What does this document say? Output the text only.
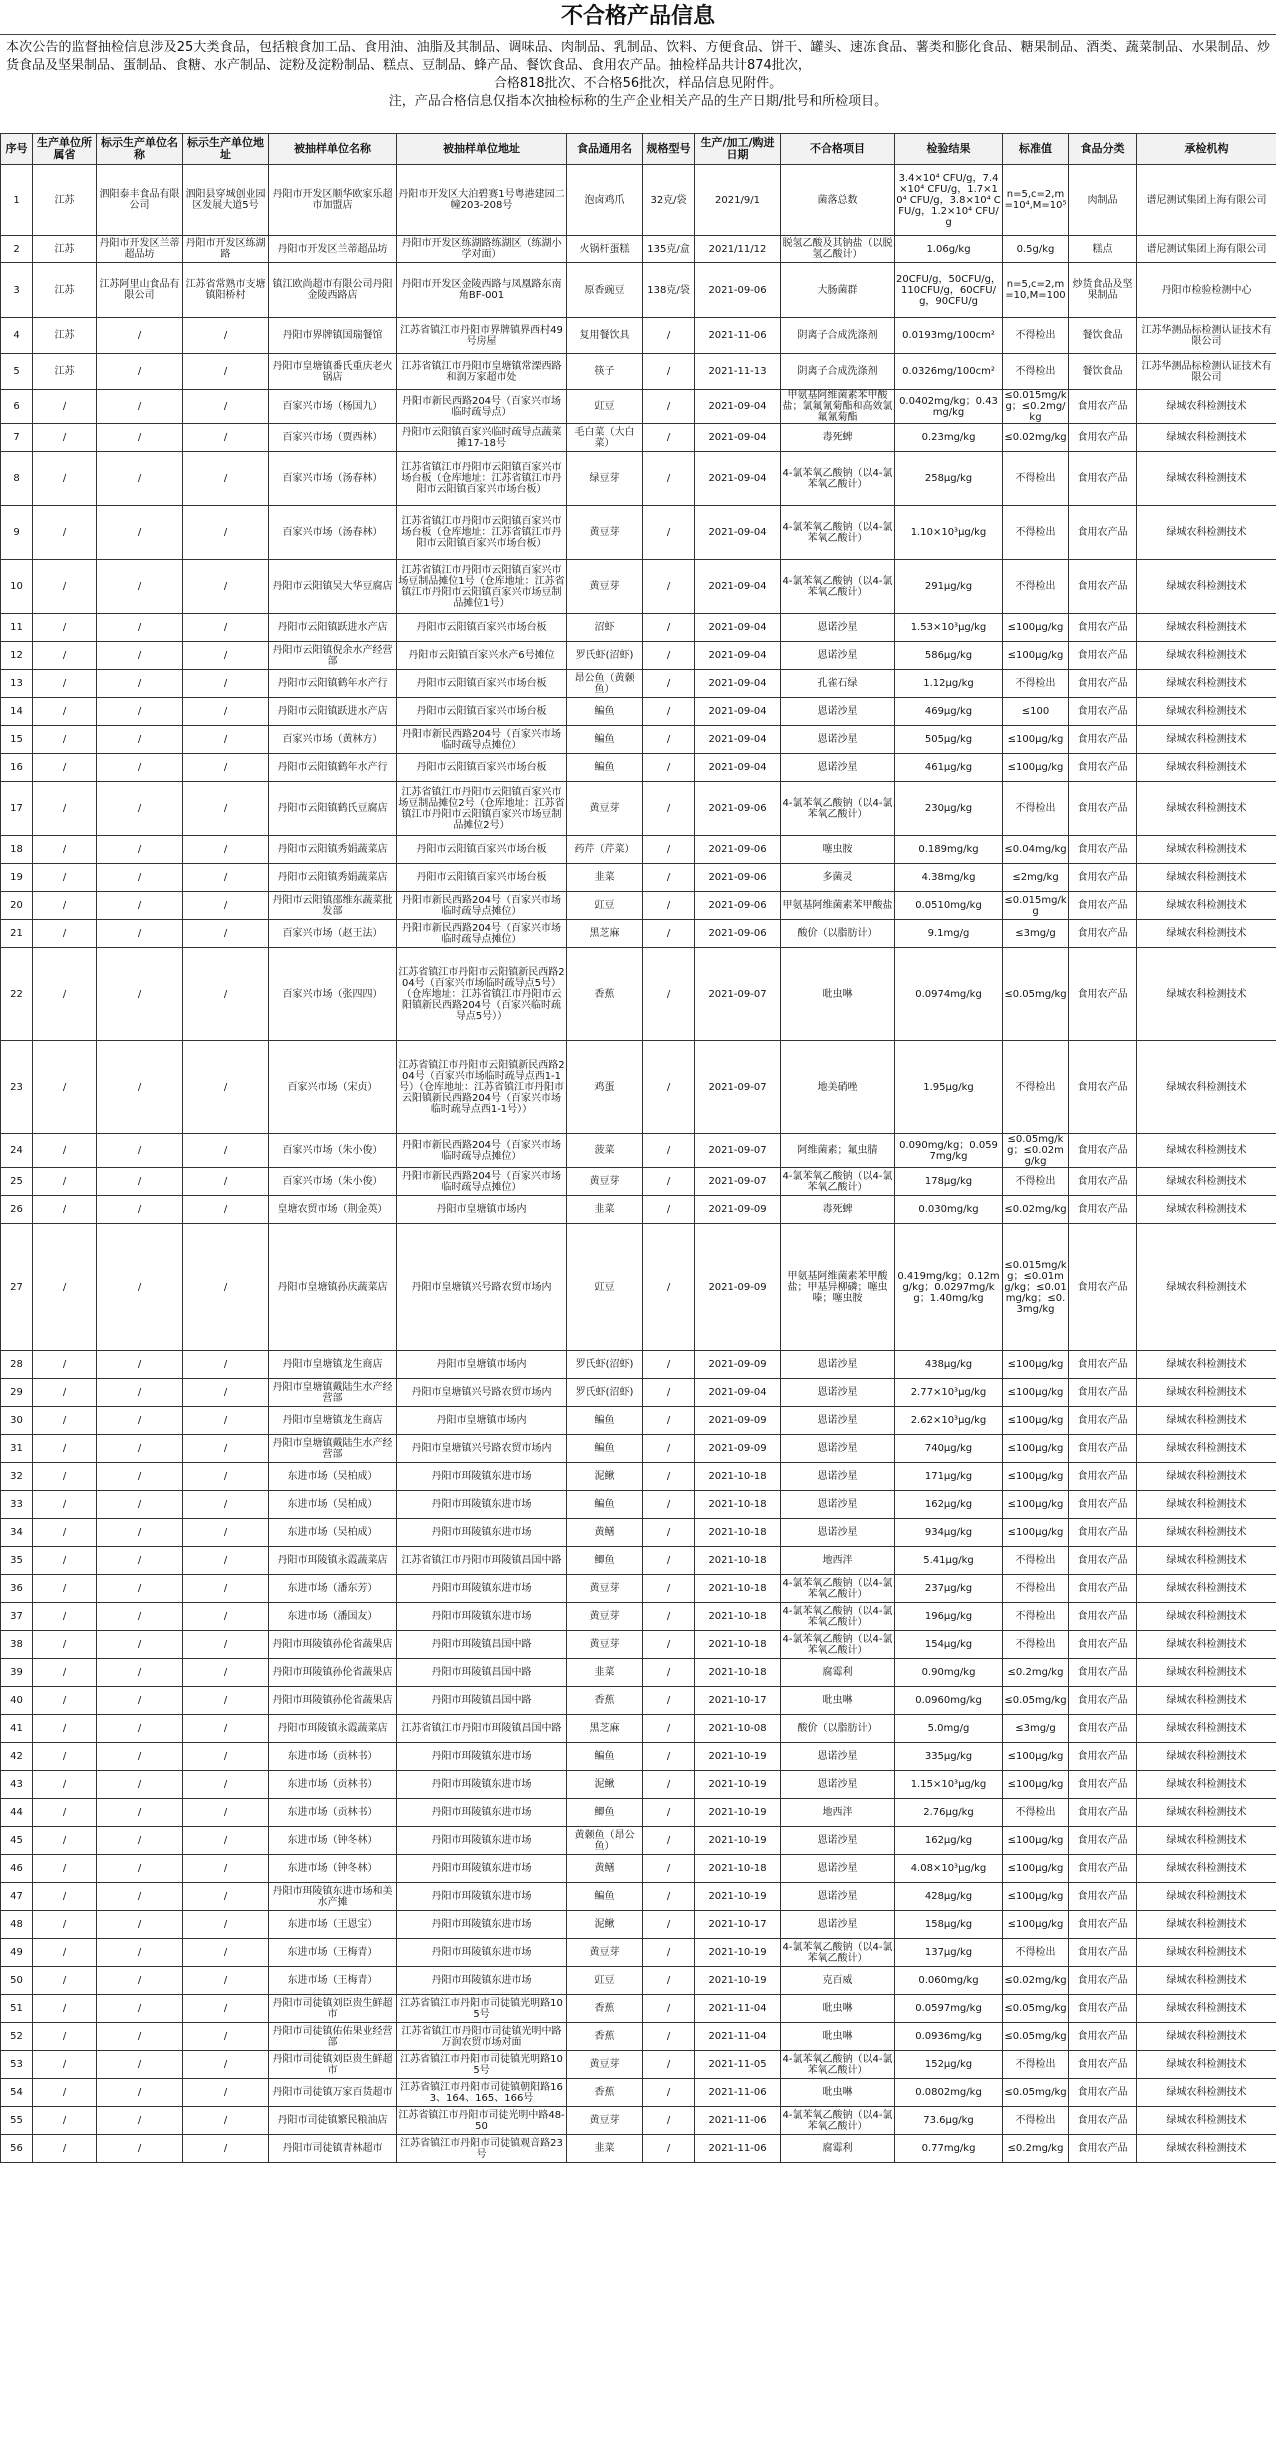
不合格产品信息

本次公告的监督抽检信息涉及25大类食品，包括粮食加工品、食用油、油脂及其制品、调味品、肉制品、乳制品、饮料、方便食品、饼干、罐头、速冻食品、薯类和膨化食品、糖果制品、酒类、蔬菜制品、水果制品、炒货食品及坚果制品、蛋制品、食糖、水产制品、淀粉及淀粉制品、糕点、豆制品、蜂产品、餐饮食品、食用农产品。抽检样品共计874批次，

合格818批次、不合格56批次，样品信息见附件。

注，产品合格信息仅指本次抽检标称的生产企业相关产品的生产日期/批号和所检项目。

序号	生产单位所属省	标示生产单位名称	标示生产单位地址	被抽样单位名称	被抽样单位地址	食品通用名	规格型号	生产/加工/购进日期	不合格项目	检验结果	标准值	食品分类	承检机构
1	江苏	泗阳泰丰食品有限公司	泗阳县穿城创业园区发展大道5号	丹阳市开发区顺华欧家乐超市加盟店	丹阳市开发区大泊碧赛1号粤港建园二幢203-208号	泡卤鸡爪	32克/袋	2021/9/1	菌落总数	3.4×10⁴ CFU/g，7.4×10⁴ CFU/g，1.7×10⁴ CFU/g，3.8×10⁴ CFU/g，1.2×10⁴ CFU/g	n=5,c=2,m=10⁴,M=10⁵	肉制品	谱尼测试集团上海有限公司
2	江苏	丹阳市开发区兰蒂超品坊	丹阳市开发区练湖路	丹阳市开发区兰蒂超品坊	丹阳市开发区练湖路练湖区（练湖小学对面）	火锅杆蛋糕	135克/盒	2021/11/12	脱氢乙酸及其钠盐（以脱氢乙酸计）	1.06g/kg	0.5g/kg	糕点	谱尼测试集团上海有限公司
3	江苏	江苏阿里山食品有限公司	江苏省常熟市支塘镇阳桥村	镇江欧尚超市有限公司丹阳金陵西路店	丹阳市开发区金陵西路与凤凰路东南角BF-001	原香豌豆	138克/袋	2021-09-06	大肠菌群	20CFU/g，50CFU/g，110CFU/g，60CFU/g，90CFU/g	n=5,c=2,m=10,M=100	炒货食品及坚果制品	丹阳市检验检测中心
4	江苏	/	/	丹阳市界牌镇国瑞餐馆	江苏省镇江市丹阳市界牌镇界西村49号房屋	复用餐饮具	/	2021-11-06	阴离子合成洗涤剂	0.0193mg/100cm²	不得检出	餐饮食品	江苏华测品标检测认证技术有限公司
5	江苏	/	/	丹阳市皇塘镇番氏重庆老火锅店	江苏省镇江市丹阳市皇塘镇常溧西路和润万家超市处	筷子	/	2021-11-13	阴离子合成洗涤剂	0.0326mg/100cm²	不得检出	餐饮食品	江苏华测品标检测认证技术有限公司
6	/	/	/	百家兴市场（杨国九）	丹阳市新民西路204号（百家兴市场临时疏导点）	豇豆	/	2021-09-04	甲氨基阿维菌素苯甲酸盐；氯氟氰菊酯和高效氯氟氰菊酯	0.0402mg/kg；0.43mg/kg	≤0.015mg/kg；≤0.2mg/kg	食用农产品	绿城农科检测技术
7	/	/	/	百家兴市场（贾西林）	丹阳市云阳镇百家兴临时疏导点蔬菜摊17-18号	毛白菜（大白菜）	/	2021-09-04	毒死蜱	0.23mg/kg	≤0.02mg/kg	食用农产品	绿城农科检测技术
8	/	/	/	百家兴市场（汤春林）	江苏省镇江市丹阳市云阳镇百家兴市场台板（仓库地址：江苏省镇江市丹阳市云阳镇百家兴市场台板）	绿豆芽	/	2021-09-04	4-氯苯氧乙酸钠（以4-氯苯氧乙酸计）	258μg/kg	不得检出	食用农产品	绿城农科检测技术
9	/	/	/	百家兴市场（汤春林）	江苏省镇江市丹阳市云阳镇百家兴市场台板（仓库地址：江苏省镇江市丹阳市云阳镇百家兴市场台板）	黄豆芽	/	2021-09-04	4-氯苯氧乙酸钠（以4-氯苯氧乙酸计）	1.10×10³μg/kg	不得检出	食用农产品	绿城农科检测技术
10	/	/	/	丹阳市云阳镇吴大华豆腐店	江苏省镇江市丹阳市云阳镇百家兴市场豆制品摊位1号（仓库地址：江苏省镇江市丹阳市云阳镇百家兴市场豆制品摊位1号）	黄豆芽	/	2021-09-04	4-氯苯氧乙酸钠（以4-氯苯氧乙酸计）	291μg/kg	不得检出	食用农产品	绿城农科检测技术
11	/	/	/	丹阳市云阳镇跃进水产店	丹阳市云阳镇百家兴市场台板	沼虾	/	2021-09-04	恩诺沙星	1.53×10³μg/kg	≤100μg/kg	食用农产品	绿城农科检测技术
12	/	/	/	丹阳市云阳镇倪余水产经营部	丹阳市云阳镇百家兴水产6号摊位	罗氏虾(沼虾)	/	2021-09-04	恩诺沙星	586μg/kg	≤100μg/kg	食用农产品	绿城农科检测技术
13	/	/	/	丹阳市云阳镇鹤年水产行	丹阳市云阳镇百家兴市场台板	昂公鱼（黄颡鱼）	/	2021-09-04	孔雀石绿	1.12μg/kg	不得检出	食用农产品	绿城农科检测技术
14	/	/	/	丹阳市云阳镇跃进水产店	丹阳市云阳镇百家兴市场台板	鳊鱼	/	2021-09-04	恩诺沙星	469μg/kg	≤100	食用农产品	绿城农科检测技术
15	/	/	/	百家兴市场（黄林方）	丹阳市新民西路204号（百家兴市场临时疏导点摊位）	鳊鱼	/	2021-09-04	恩诺沙星	505μg/kg	≤100μg/kg	食用农产品	绿城农科检测技术
16	/	/	/	丹阳市云阳镇鹤年水产行	丹阳市云阳镇百家兴市场台板	鳊鱼	/	2021-09-04	恩诺沙星	461μg/kg	≤100μg/kg	食用农产品	绿城农科检测技术
17	/	/	/	丹阳市云阳镇鹤氏豆腐店	江苏省镇江市丹阳市云阳镇百家兴市场豆制品摊位2号（仓库地址：江苏省镇江市丹阳市云阳镇百家兴市场豆制品摊位2号）	黄豆芽	/	2021-09-06	4-氯苯氧乙酸钠（以4-氯苯氧乙酸计）	230μg/kg	不得检出	食用农产品	绿城农科检测技术
18	/	/	/	丹阳市云阳镇秀娟蔬菜店	丹阳市云阳镇百家兴市场台板	药芹（芹菜）	/	2021-09-06	噻虫胺	0.189mg/kg	≤0.04mg/kg	食用农产品	绿城农科检测技术
19	/	/	/	丹阳市云阳镇秀娟蔬菜店	丹阳市云阳镇百家兴市场台板	韭菜	/	2021-09-06	多菌灵	4.38mg/kg	≤2mg/kg	食用农产品	绿城农科检测技术
20	/	/	/	丹阳市云阳镇邵维东蔬菜批发部	丹阳市新民西路204号（百家兴市场临时疏导点摊位）	豇豆	/	2021-09-06	甲氨基阿维菌素苯甲酸盐	0.0510mg/kg	≤0.015mg/kg	食用农产品	绿城农科检测技术
21	/	/	/	百家兴市场（赵王法）	丹阳市新民西路204号（百家兴市场临时疏导点摊位）	黑芝麻	/	2021-09-06	酸价（以脂肪计）	9.1mg/g	≤3mg/g	食用农产品	绿城农科检测技术
22	/	/	/	百家兴市场（张四四）	江苏省镇江市丹阳市云阳镇新民西路204号（百家兴市场临时疏导点5号）（仓库地址：江苏省镇江市丹阳市云阳镇新民西路204号（百家兴临时疏导点5号））	香蕉	/	2021-09-07	吡虫啉	0.0974mg/kg	≤0.05mg/kg	食用农产品	绿城农科检测技术
23	/	/	/	百家兴市场（宋贞）	江苏省镇江市丹阳市云阳镇新民西路204号（百家兴市场临时疏导点西1-1号）（仓库地址：江苏省镇江市丹阳市云阳镇新民西路204号（百家兴市场临时疏导点西1-1号））	鸡蛋	/	2021-09-07	地美硝唑	1.95μg/kg	不得检出	食用农产品	绿城农科检测技术
24	/	/	/	百家兴市场（朱小俊）	丹阳市新民西路204号（百家兴市场临时疏导点摊位）	菠菜	/	2021-09-07	阿维菌素；氟虫腈	0.090mg/kg；0.0597mg/kg	≤0.05mg/kg；≤0.02mg/kg	食用农产品	绿城农科检测技术
25	/	/	/	百家兴市场（朱小俊）	丹阳市新民西路204号（百家兴市场临时疏导点摊位）	黄豆芽	/	2021-09-07	4-氯苯氧乙酸钠（以4-氯苯氧乙酸计）	178μg/kg	不得检出	食用农产品	绿城农科检测技术
26	/	/	/	皇塘农贸市场（荆金英）	丹阳市皇塘镇市场内	韭菜	/	2021-09-09	毒死蜱	0.030mg/kg	≤0.02mg/kg	食用农产品	绿城农科检测技术
27	/	/	/	丹阳市皇塘镇孙庆蔬菜店	丹阳市皇塘镇兴号路农贸市场内	豇豆	/	2021-09-09	甲氨基阿维菌素苯甲酸盐；甲基异柳磷；噻虫嗪；噻虫胺	0.419mg/kg；0.12mg/kg；0.0297mg/kg；1.40mg/kg	≤0.015mg/kg；≤0.01mg/kg；≤0.01mg/kg；≤0.3mg/kg	食用农产品	绿城农科检测技术
28	/	/	/	丹阳市皇塘镇龙生商店	丹阳市皇塘镇市场内	罗氏虾(沼虾)	/	2021-09-09	恩诺沙星	438μg/kg	≤100μg/kg	食用农产品	绿城农科检测技术
29	/	/	/	丹阳市皇塘镇戴陆生水产经营部	丹阳市皇塘镇兴号路农贸市场内	罗氏虾(沼虾)	/	2021-09-04	恩诺沙星	2.77×10³μg/kg	≤100μg/kg	食用农产品	绿城农科检测技术
30	/	/	/	丹阳市皇塘镇龙生商店	丹阳市皇塘镇市场内	鳊鱼	/	2021-09-09	恩诺沙星	2.62×10³μg/kg	≤100μg/kg	食用农产品	绿城农科检测技术
31	/	/	/	丹阳市皇塘镇戴陆生水产经营部	丹阳市皇塘镇兴号路农贸市场内	鳊鱼	/	2021-09-09	恩诺沙星	740μg/kg	≤100μg/kg	食用农产品	绿城农科检测技术
32	/	/	/	东进市场（吴柏成）	丹阳市珥陵镇东进市场	泥鳅	/	2021-10-18	恩诺沙星	171μg/kg	≤100μg/kg	食用农产品	绿城农科检测技术
33	/	/	/	东进市场（吴柏成）	丹阳市珥陵镇东进市场	鳊鱼	/	2021-10-18	恩诺沙星	162μg/kg	≤100μg/kg	食用农产品	绿城农科检测技术
34	/	/	/	东进市场（吴柏成）	丹阳市珥陵镇东进市场	黄鳝	/	2021-10-18	恩诺沙星	934μg/kg	≤100μg/kg	食用农产品	绿城农科检测技术
35	/	/	/	丹阳市珥陵镇永霞蔬菜店	江苏省镇江市丹阳市珥陵镇昌国中路	鲫鱼	/	2021-10-18	地西泮	5.41μg/kg	不得检出	食用农产品	绿城农科检测技术
36	/	/	/	东进市场（潘东芳）	丹阳市珥陵镇东进市场	黄豆芽	/	2021-10-18	4-氯苯氧乙酸钠（以4-氯苯氧乙酸计）	237μg/kg	不得检出	食用农产品	绿城农科检测技术
37	/	/	/	东进市场（潘国友）	丹阳市珥陵镇东进市场	黄豆芽	/	2021-10-18	4-氯苯氧乙酸钠（以4-氯苯氧乙酸计）	196μg/kg	不得检出	食用农产品	绿城农科检测技术
38	/	/	/	丹阳市珥陵镇孙伦省蔬果店	丹阳市珥陵镇昌国中路	黄豆芽	/	2021-10-18	4-氯苯氧乙酸钠（以4-氯苯氧乙酸计）	154μg/kg	不得检出	食用农产品	绿城农科检测技术
39	/	/	/	丹阳市珥陵镇孙伦省蔬果店	丹阳市珥陵镇昌国中路	韭菜	/	2021-10-18	腐霉利	0.90mg/kg	≤0.2mg/kg	食用农产品	绿城农科检测技术
40	/	/	/	丹阳市珥陵镇孙伦省蔬果店	丹阳市珥陵镇昌国中路	香蕉	/	2021-10-17	吡虫啉	0.0960mg/kg	≤0.05mg/kg	食用农产品	绿城农科检测技术
41	/	/	/	丹阳市珥陵镇永霞蔬菜店	江苏省镇江市丹阳市珥陵镇昌国中路	黑芝麻	/	2021-10-08	酸价（以脂肪计）	5.0mg/g	≤3mg/g	食用农产品	绿城农科检测技术
42	/	/	/	东进市场（贡林书）	丹阳市珥陵镇东进市场	鳊鱼	/	2021-10-19	恩诺沙星	335μg/kg	≤100μg/kg	食用农产品	绿城农科检测技术
43	/	/	/	东进市场（贡林书）	丹阳市珥陵镇东进市场	泥鳅	/	2021-10-19	恩诺沙星	1.15×10³μg/kg	≤100μg/kg	食用农产品	绿城农科检测技术
44	/	/	/	东进市场（贡林书）	丹阳市珥陵镇东进市场	鲫鱼	/	2021-10-19	地西泮	2.76μg/kg	不得检出	食用农产品	绿城农科检测技术
45	/	/	/	东进市场（钟冬林）	丹阳市珥陵镇东进市场	黄颡鱼（昂公鱼）	/	2021-10-19	恩诺沙星	162μg/kg	≤100μg/kg	食用农产品	绿城农科检测技术
46	/	/	/	东进市场（钟冬林）	丹阳市珥陵镇东进市场	黄鳝	/	2021-10-18	恩诺沙星	4.08×10³μg/kg	≤100μg/kg	食用农产品	绿城农科检测技术
47	/	/	/	丹阳市珥陵镇东进市场和美水产摊	丹阳市珥陵镇东进市场	鳊鱼	/	2021-10-19	恩诺沙星	428μg/kg	≤100μg/kg	食用农产品	绿城农科检测技术
48	/	/	/	东进市场（王恩宝）	丹阳市珥陵镇东进市场	泥鳅	/	2021-10-17	恩诺沙星	158μg/kg	≤100μg/kg	食用农产品	绿城农科检测技术
49	/	/	/	东进市场（王梅青）	丹阳市珥陵镇东进市场	黄豆芽	/	2021-10-19	4-氯苯氧乙酸钠（以4-氯苯氧乙酸计）	137μg/kg	不得检出	食用农产品	绿城农科检测技术
50	/	/	/	东进市场（王梅青）	丹阳市珥陵镇东进市场	豇豆	/	2021-10-19	克百威	0.060mg/kg	≤0.02mg/kg	食用农产品	绿城农科检测技术
51	/	/	/	丹阳市司徒镇刘臣贵生鲜超市	江苏省镇江市丹阳市司徒镇光明路105号	香蕉	/	2021-11-04	吡虫啉	0.0597mg/kg	≤0.05mg/kg	食用农产品	绿城农科检测技术
52	/	/	/	丹阳市司徒镇佑佑果业经营部	江苏省镇江市丹阳市司徒镇光明中路万润农贸市场对面	香蕉	/	2021-11-04	吡虫啉	0.0936mg/kg	≤0.05mg/kg	食用农产品	绿城农科检测技术
53	/	/	/	丹阳市司徒镇刘臣贵生鲜超市	江苏省镇江市丹阳市司徒镇光明路105号	黄豆芽	/	2021-11-05	4-氯苯氧乙酸钠（以4-氯苯氧乙酸计）	152μg/kg	不得检出	食用农产品	绿城农科检测技术
54	/	/	/	丹阳市司徒镇万家百货超市	江苏省镇江市丹阳市司徒镇朝阳路163、164、165、166号	香蕉	/	2021-11-06	吡虫啉	0.0802mg/kg	≤0.05mg/kg	食用农产品	绿城农科检测技术
55	/	/	/	丹阳市司徒镇繁民粮油店	江苏省镇江市丹阳市司徒光明中路48-50	黄豆芽	/	2021-11-06	4-氯苯氧乙酸钠（以4-氯苯氧乙酸计）	73.6μg/kg	不得检出	食用农产品	绿城农科检测技术
56	/	/	/	丹阳市司徒镇青林超市	江苏省镇江市丹阳市司徒镇观音路23号	韭菜	/	2021-11-06	腐霉利	0.77mg/kg	≤0.2mg/kg	食用农产品	绿城农科检测技术
